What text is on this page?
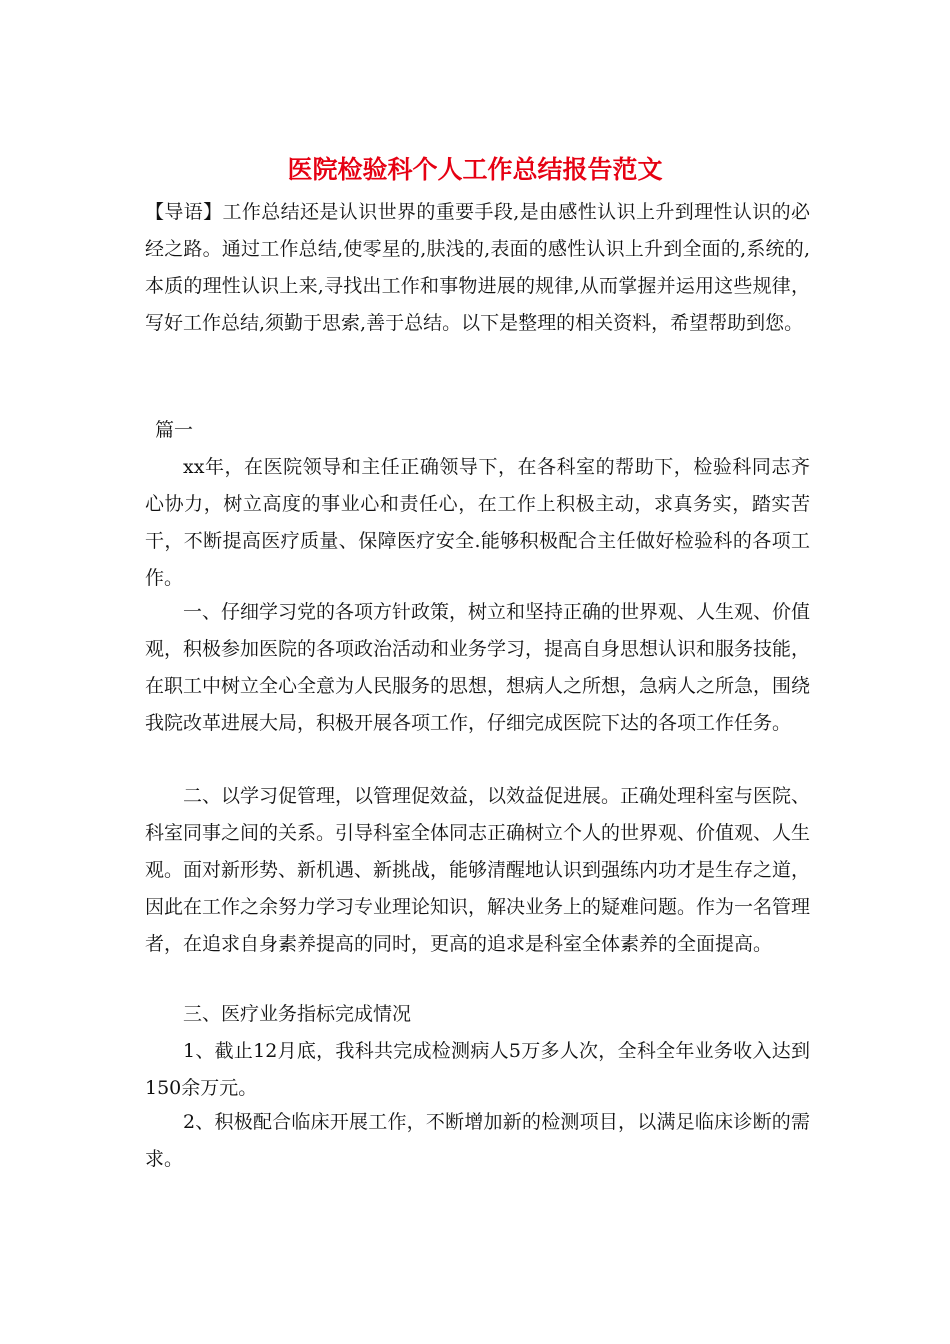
医院检验科个人工作总结报告范文

【导语】工作总结还是认识世界的重要手段,是由感性认识上升到理性认识的必经之路。通过工作总结,使零星的,肤浅的,表面的感性认识上升到全面的,系统的,本质的理性认识上来,寻找出工作和事物进展的规律,从而掌握并运用这些规律，写好工作总结,须勤于思索,善于总结。以下是整理的相关资料，希望帮助到您。

篇一

xx年，在医院领导和主任正确领导下，在各科室的帮助下，检验科同志齐心协力，树立高度的事业心和责任心，在工作上积极主动，求真务实，踏实苦干，不断提高医疗质量、保障医疗安全.能够积极配合主任做好检验科的各项工作。

一、仔细学习党的各项方针政策，树立和坚持正确的世界观、人生观、价值观，积极参加医院的各项政治活动和业务学习，提高自身思想认识和服务技能，在职工中树立全心全意为人民服务的思想，想病人之所想，急病人之所急，围绕我院改革进展大局，积极开展各项工作，仔细完成医院下达的各项工作任务。

二、以学习促管理，以管理促效益，以效益促进展。正确处理科室与医院、科室同事之间的关系。引导科室全体同志正确树立个人的世界观、价值观、人生观。面对新形势、新机遇、新挑战，能够清醒地认识到强练内功才是生存之道，因此在工作之余努力学习专业理论知识，解决业务上的疑难问题。作为一名管理者，在追求自身素养提高的同时，更高的追求是科室全体素养的全面提高。

三、医疗业务指标完成情况

1、截止12月底，我科共完成检测病人5万多人次，全科全年业务收入达到150余万元。

2、积极配合临床开展工作，不断增加新的检测项目，以满足临床诊断的需求。
